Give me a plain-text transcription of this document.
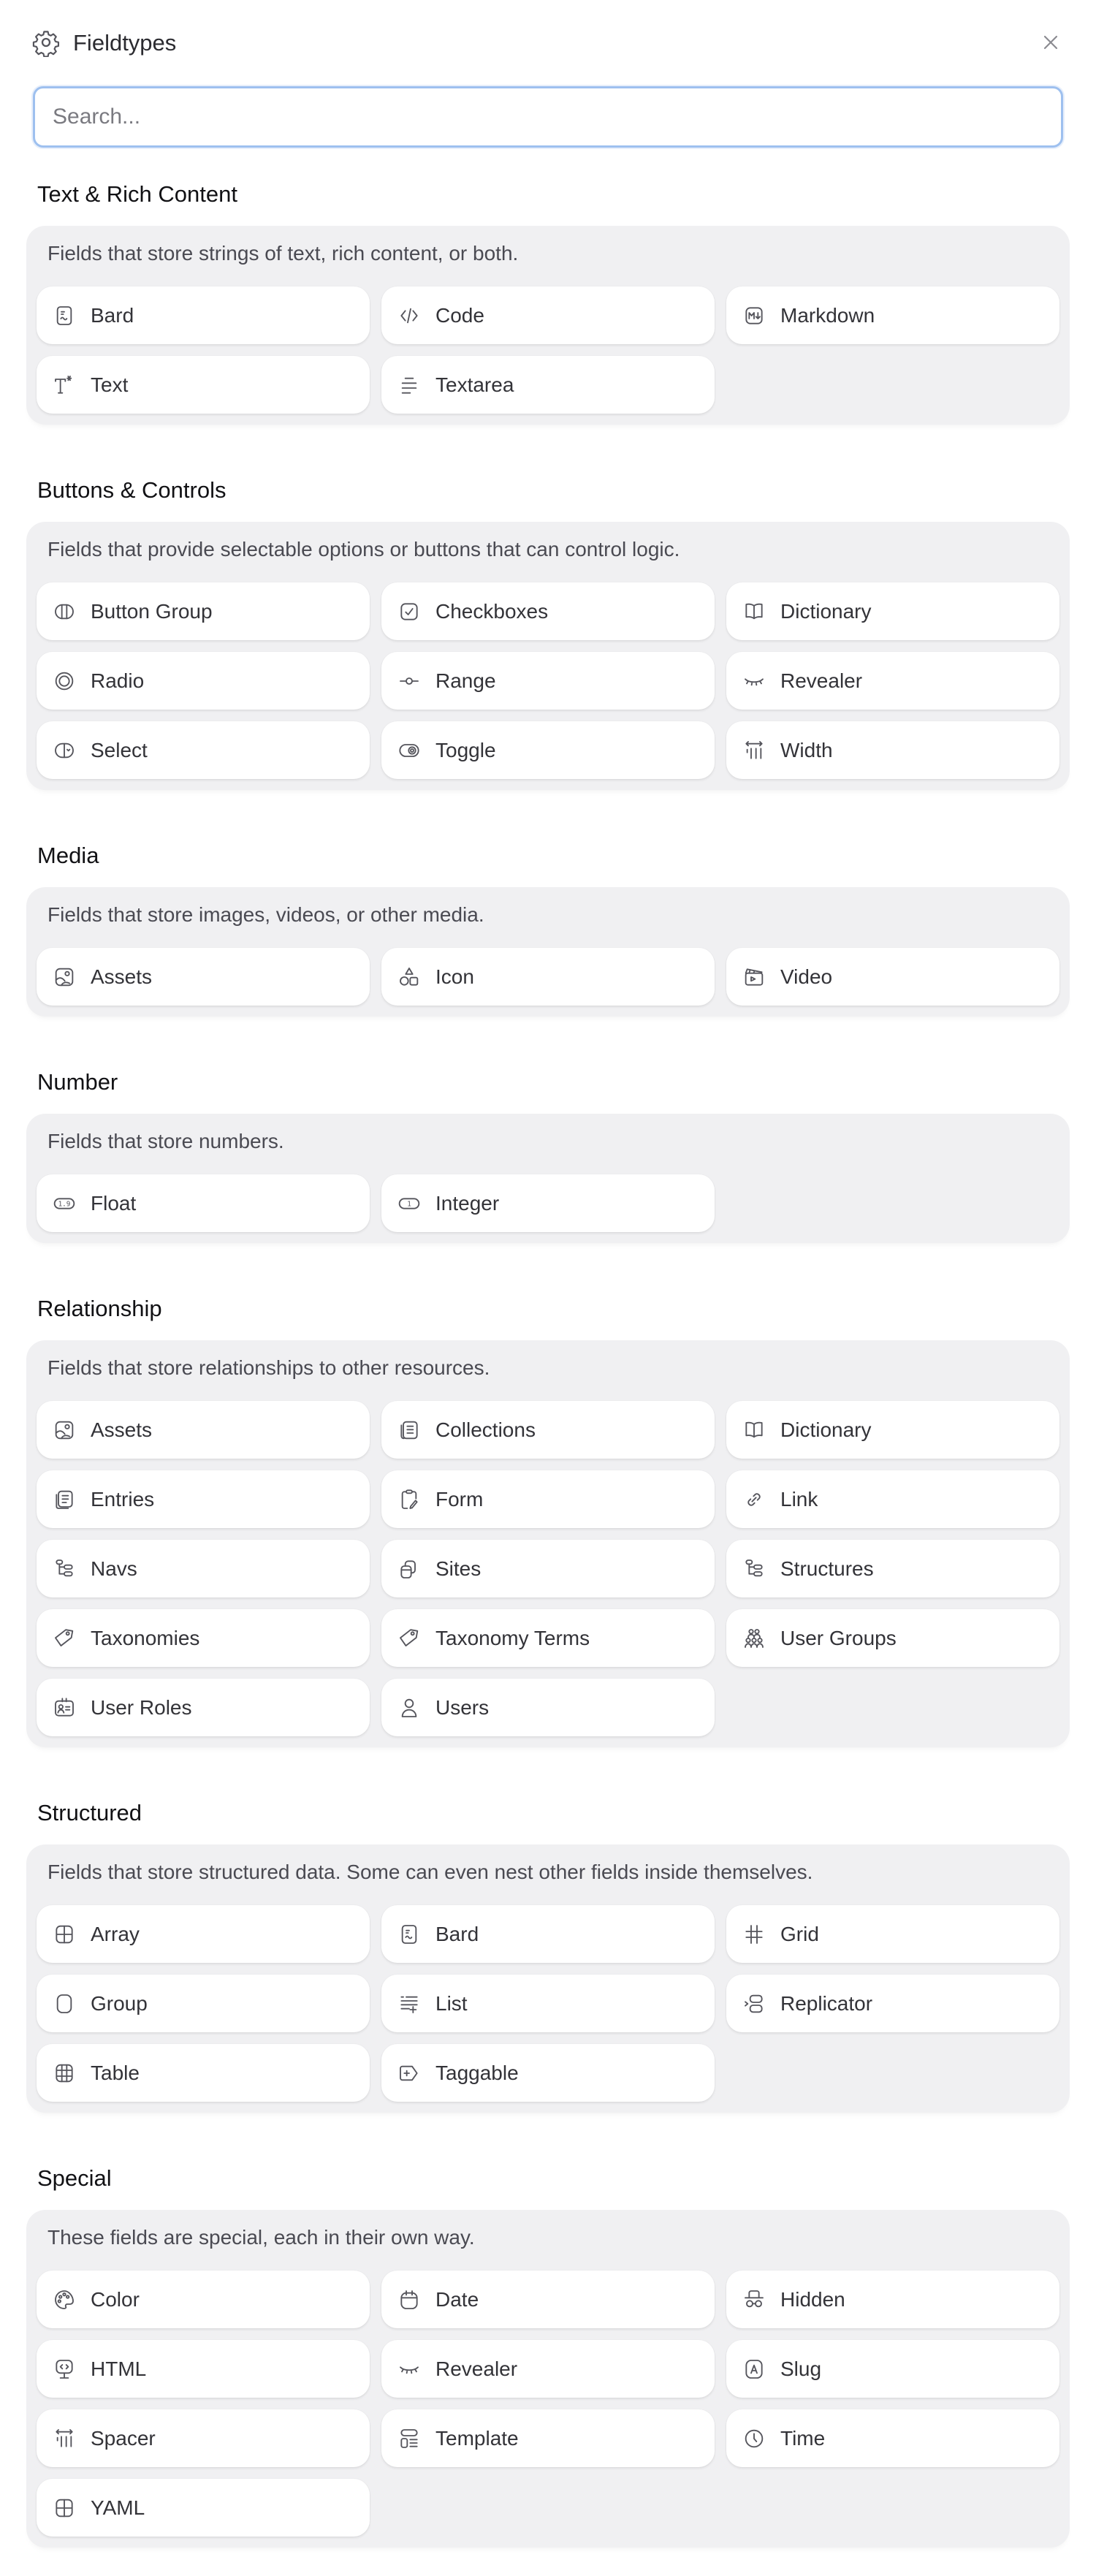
Fieldtypes
Search...
Text & Rich Content
Fields that store strings of text, rich content, or both.
Bard	Code	Markdown
Text	Textarea
Buttons & Controls
Fields that provide selectable options or buttons that can control logic.
Button Group	Checkboxes	Dictionary
Radio	Range	Revealer
Select	Toggle	Width
Media
Fields that store images, videos, or other media.
Assets	Icon	Video
Number
Fields that store numbers.
1.9 Float	1 Integer
Relationship
Fields that store relationships to other resources.
Assets	Collections	Dictionary
Entries	Form	Link
Navs	Sites	Structures
Taxonomies	Taxonomy Terms	User Groups
User Roles	Users
Structured
Fields that store structured data. Some can even nest other fields inside themselves.
Array	Bard	Grid
Group	List	Replicator
Table	Taggable
Special
These fields are special, each in their own way.
Color	Date	Hidden
HTML	Revealer	Slug
Spacer	Template	Time
YAML
